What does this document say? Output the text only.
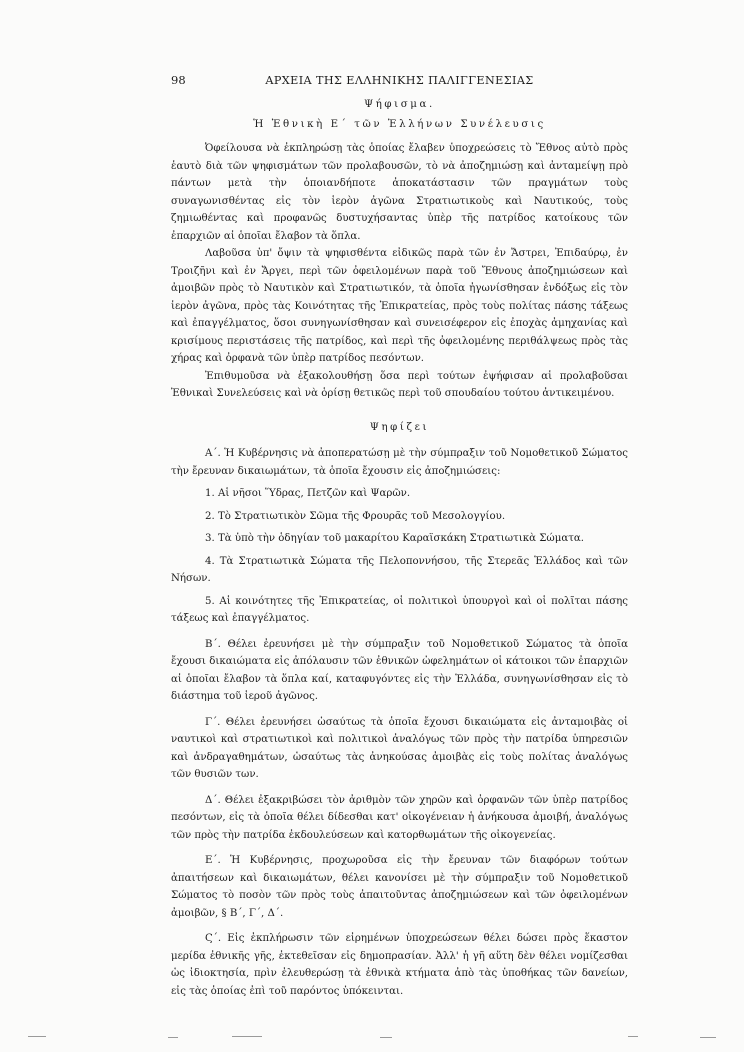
98	ΑΡΧΕΙΑ ΤΗΣ ΕΛΛΗΝΙΚΗΣ ΠΑΛΙΓΓΕΝΕΣΙΑΣ
Ψήφισμα.
Ἡ Ἐθνικὴ Ε΄ τῶν Ἑλλήνων Συνέλευσις

Ὀφείλουσα νὰ ἐκπληρώσῃ τὰς ὁποίας ἔλαβεν ὑποχρεώσεις τὸ Ἔθνος αὐτὸ πρὸς ἑαυτὸ διὰ τῶν ψηφισμάτων τῶν προλαβουσῶν, τὸ νὰ ἀποζημιώσῃ καὶ ἀνταμείψῃ πρὸ πάντων μετὰ τὴν ὁποιανδήποτε ἀποκατάστασιν τῶν πραγμάτων τοὺς συναγωνισθέντας εἰς τὸν ἱερὸν ἀγῶνα Στρατιωτικοὺς καὶ Ναυτικούς, τοὺς ζημιωθέντας καὶ προφανῶς δυστυχήσαντας ὑπὲρ τῆς πατρίδος κατοίκους τῶν ἐπαρχιῶν αἱ ὁποῖαι ἔλαβον τὰ ὅπλα.

Λαβοῦσα ὑπ' ὄψιν τὰ ψηφισθέντα εἰδικῶς παρὰ τῶν ἐν Ἄστρει, Ἐπιδαύρῳ, ἐν Τροιζῆνι καὶ ἐν Ἄργει, περὶ τῶν ὀφειλομένων παρὰ τοῦ Ἔθνους ἀποζημιώσεων καὶ ἀμοιβῶν πρὸς τὸ Ναυτικὸν καὶ Στρατιωτικόν, τὰ ὁποῖα ἠγωνίσθησαν ἐνδόξως εἰς τὸν ἱερὸν ἀγῶνα, πρὸς τὰς Κοινότητας τῆς Ἐπικρατείας, πρὸς τοὺς πολίτας πάσης τάξεως καὶ ἐπαγγέλματος, ὅσοι συνηγωνίσθησαν καὶ συνεισέφερον εἰς ἐποχὰς ἀμηχανίας καὶ κρισίμους περιστάσεις τῆς πατρίδος, καὶ περὶ τῆς ὀφειλομένης περιθάλψεως πρὸς τὰς χήρας καὶ ὀρφανὰ τῶν ὑπὲρ πατρίδος πεσόντων.

Ἐπιθυμοῦσα νὰ ἐξακολουθήσῃ ὅσα περὶ τούτων ἐψήφισαν αἱ προλαβοῦσαι Ἐθνικαὶ Συνελεύσεις καὶ νὰ ὁρίσῃ θετικῶς περὶ τοῦ σπουδαίου τούτου ἀντικειμένου.

Ψηφίζει

Α΄. Ἡ Κυβέρνησις νὰ ἀποπερατώσῃ μὲ τὴν σύμπραξιν τοῦ Νομοθετικοῦ Σώματος τὴν ἔρευναν δικαιωμάτων, τὰ ὁποῖα ἔχουσιν εἰς ἀποζημιώσεις:

1. Αἱ νῆσοι Ὕδρας, Πετζῶν καὶ Ψαρῶν.

2. Τὸ Στρατιωτικὸν Σῶμα τῆς Φρουρᾶς τοῦ Μεσολογγίου.

3. Τὰ ὑπὸ τὴν ὁδηγίαν τοῦ μακαρίτου Καραϊσκάκη Στρατιωτικὰ Σώματα.

4. Τὰ Στρατιωτικὰ Σώματα τῆς Πελοποννήσου, τῆς Στερεᾶς Ἑλλάδος καὶ τῶν Νήσων.

5. Αἱ κοινότητες τῆς Ἐπικρατείας, οἱ πολιτικοὶ ὑπουργοὶ καὶ οἱ πολῖται πάσης τάξεως καὶ ἐπαγγέλματος.

Β΄. Θέλει ἐρευνήσει μὲ τὴν σύμπραξιν τοῦ Νομοθετικοῦ Σώματος τὰ ὁποῖα ἔχουσι δικαιώματα εἰς ἀπόλαυσιν τῶν ἐθνικῶν ὠφελημάτων οἱ κάτοικοι τῶν ἐπαρχιῶν αἱ ὁποῖαι ἔλαβον τὰ ὅπλα καί, καταφυγόντες εἰς τὴν Ἑλλάδα, συνηγωνίσθησαν εἰς τὸ διάστημα τοῦ ἱεροῦ ἀγῶνος.

Γ΄. Θέλει ἐρευνήσει ὡσαύτως τὰ ὁποῖα ἔχουσι δικαιώματα εἰς ἀνταμοιβὰς οἱ ναυτικοὶ καὶ στρατιωτικοὶ καὶ πολιτικοὶ ἀναλόγως τῶν πρὸς τὴν πατρίδα ὑπηρεσιῶν καὶ ἀνδραγαθημάτων, ὡσαύτως τὰς ἀνηκούσας ἀμοιβὰς εἰς τοὺς πολίτας ἀναλόγως τῶν θυσιῶν των.

Δ΄. Θέλει ἐξακριβώσει τὸν ἀριθμὸν τῶν χηρῶν καὶ ὀρφανῶν τῶν ὑπὲρ πατρίδος πεσόντων, εἰς τὰ ὁποῖα θέλει δίδεσθαι κατ' οἰκογένειαν ἡ ἀνήκουσα ἀμοιβή, ἀναλόγως τῶν πρὸς τὴν πατρίδα ἐκδουλεύσεων καὶ κατορθωμάτων τῆς οἰκογενείας.

Ε΄. Ἡ Κυβέρνησις, προχωροῦσα εἰς τὴν ἔρευναν τῶν διαφόρων τούτων ἀπαιτήσεων καὶ δικαιωμάτων, θέλει κανονίσει μὲ τὴν σύμπραξιν τοῦ Νομοθετικοῦ Σώματος τὸ ποσὸν τῶν πρὸς τοὺς ἀπαιτοῦντας ἀποζημιώσεων καὶ τῶν ὀφειλομένων ἀμοιβῶν, § Β΄, Γ΄, Δ΄.

Ϛ΄. Εἰς ἐκπλήρωσιν τῶν εἰρημένων ὑποχρεώσεων θέλει δώσει πρὸς ἕκαστον μερίδα ἐθνικῆς γῆς, ἐκτεθεῖσαν εἰς δημοπρασίαν. Ἀλλ' ἡ γῆ αὕτη δὲν θέλει νομίζεσθαι ὡς ἰδιοκτησία, πρὶν ἐλευθερώσῃ τὰ ἐθνικὰ κτήματα ἀπὸ τὰς ὑποθήκας τῶν δανείων, εἰς τὰς ὁποίας ἐπὶ τοῦ παρόντος ὑπόκεινται.
